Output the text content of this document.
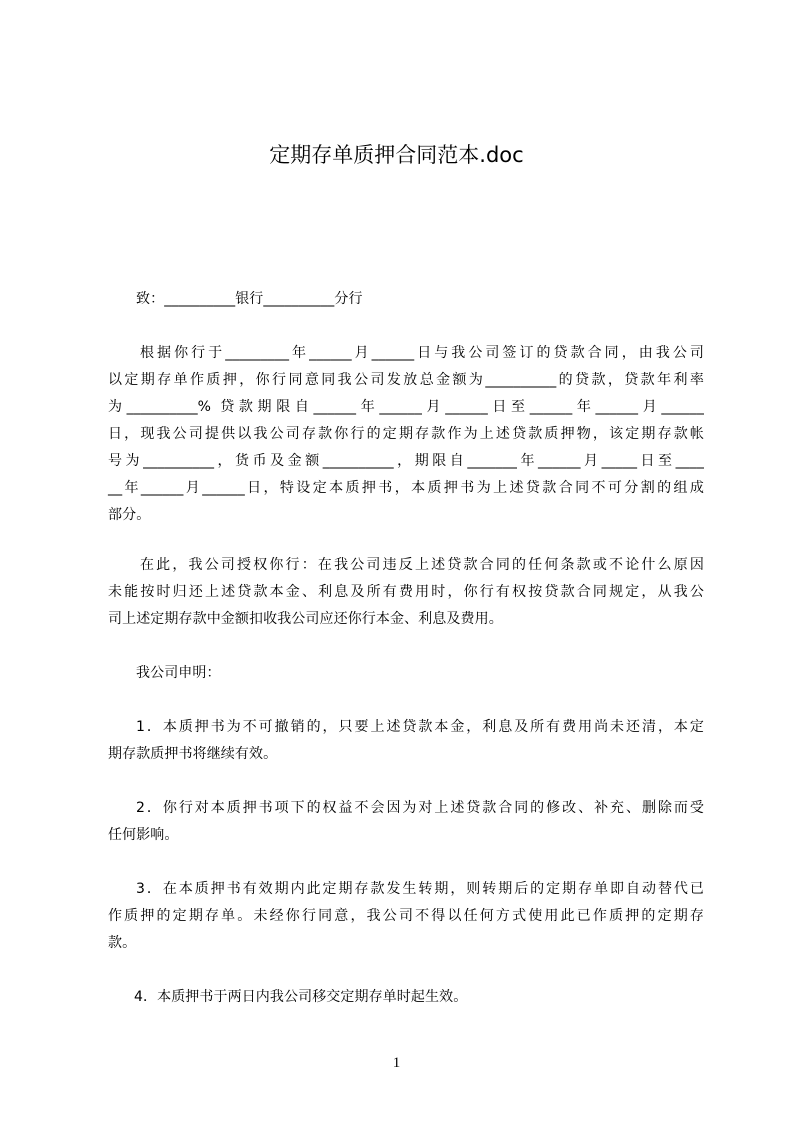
定期存单质押合同范本.doc
致：__________银行__________分行
根据你行于_________年______月______日与我公司签订的贷款合同，由我公司
以定期存单作质押，你行同意同我公司发放总金额为__________的贷款，贷款年利率
为__________% 贷款期限自______年______月______日至______年______月______
日，现我公司提供以我公司存款你行的定期存款作为上述贷款质押物，该定期存款帐
号为__________，货币及金额__________，期限自_______年______月_____日至____
__年______月______日，特设定本质押书，本质押书为上述贷款合同不可分割的组成
部分。
在此，我公司授权你行：在我公司违反上述贷款合同的任何条款或不论什么原因
未能按时归还上述贷款本金、利息及所有费用时，你行有权按贷款合同规定，从我公
司上述定期存款中金额扣收我公司应还你行本金、利息及费用。
我公司申明：
1．本质押书为不可撤销的，只要上述贷款本金，利息及所有费用尚未还清，本定
期存款质押书将继续有效。
2．你行对本质押书项下的权益不会因为对上述贷款合同的修改、补充、删除而受
任何影响。
3．在本质押书有效期内此定期存款发生转期，则转期后的定期存单即自动替代已
作质押的定期存单。未经你行同意，我公司不得以任何方式使用此已作质押的定期存
款。
4．本质押书于两日内我公司移交定期存单时起生效。
1
